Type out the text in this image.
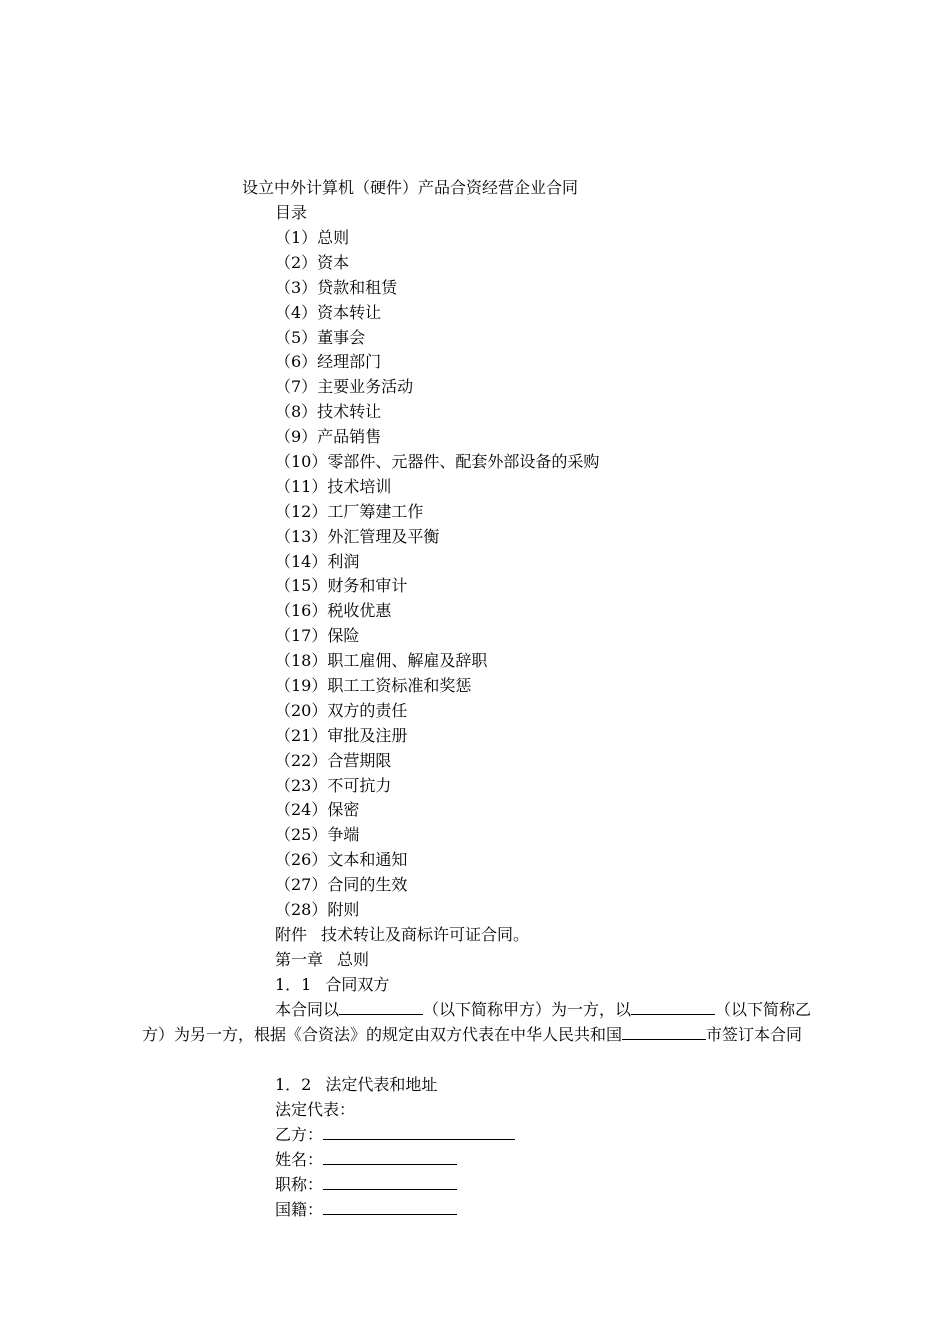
设立中外计算机（硬件）产品合资经营企业合同
目录
（1）总则
（2）资本
（3）贷款和租赁
（4）资本转让
（5）董事会
（6）经理部门
（7）主要业务活动
（8）技术转让
（9）产品销售
（10）零部件、元器件、配套外部设备的采购
（11）技术培训
（12）工厂筹建工作
（13）外汇管理及平衡
（14）利润
（15）财务和审计
（16）税收优惠
（17）保险
（18）职工雇佣、解雇及辞职
（19）职工工资标准和奖惩
（20）双方的责任
（21）审批及注册
（22）合营期限
（23）不可抗力
（24）保密
（25）争端
（26）文本和通知
（27）合同的生效
（28）附则
附件 技术转让及商标许可证合同。
第一章 总则
1．1 合同双方

本合同以	（以下简称甲方）为一方，以	（以下简称乙方）为另一方，根据《合资法》的规定由双方代表在中华人民共和国	市签订本合同

1．2 法定代表和地址
法定代表：
乙方：
姓名：
职称：
国籍：
